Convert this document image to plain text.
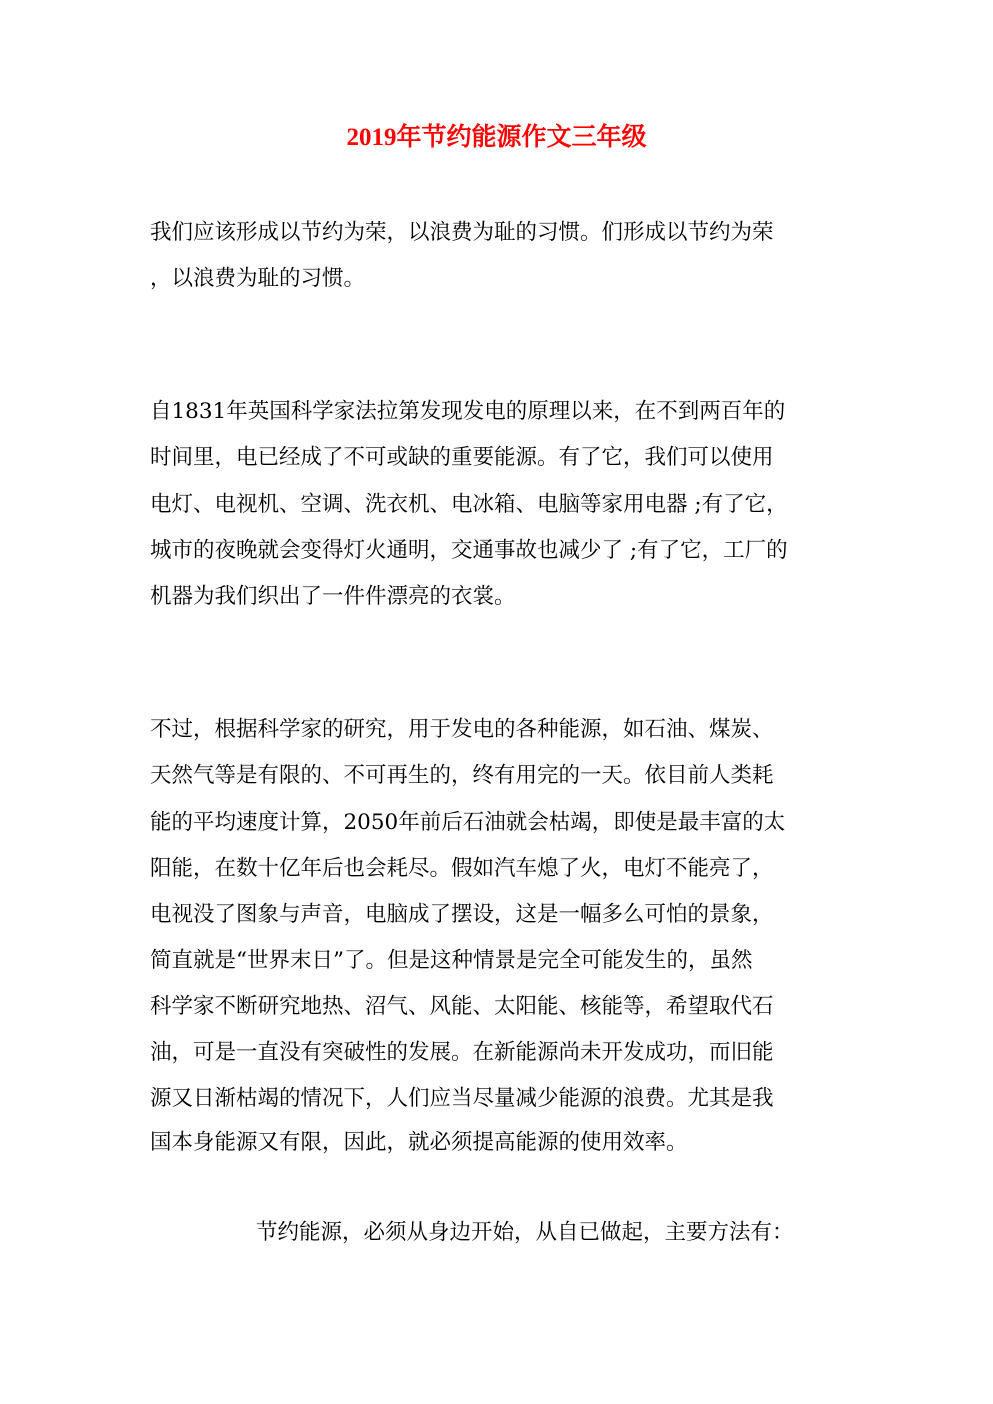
2019年节约能源作文三年级
我们应该形成以节约为荣，以浪费为耻的习惯。们形成以节约为荣
，以浪费为耻的习惯。
自1831年英国科学家法拉第发现发电的原理以来，在不到两百年的
时间里，电已经成了不可或缺的重要能源。有了它，我们可以使用
电灯、电视机、空调、洗衣机、电冰箱、电脑等家用电器 ;有了它，
城市的夜晚就会变得灯火通明，交通事故也减少了 ;有了它，工厂的
机器为我们织出了一件件漂亮的衣裳。
不过，根据科学家的研究，用于发电的各种能源，如石油、煤炭、
天然气等是有限的、不可再生的，终有用完的一天。依目前人类耗
能的平均速度计算，2050年前后石油就会枯竭，即使是最丰富的太
阳能，在数十亿年后也会耗尽。假如汽车熄了火，电灯不能亮了，
电视没了图象与声音，电脑成了摆设，这是一幅多么可怕的景象，
简直就是“世界末日”了。但是这种情景是完全可能发生的，虽然
科学家不断研究地热、沼气、风能、太阳能、核能等，希望取代石
油，可是一直没有突破性的发展。在新能源尚未开发成功，而旧能
源又日渐枯竭的情况下，人们应当尽量减少能源的浪费。尤其是我
国本身能源又有限，因此，就必须提高能源的使用效率。
节约能源，必须从身边开始，从自已做起，主要方法有：
